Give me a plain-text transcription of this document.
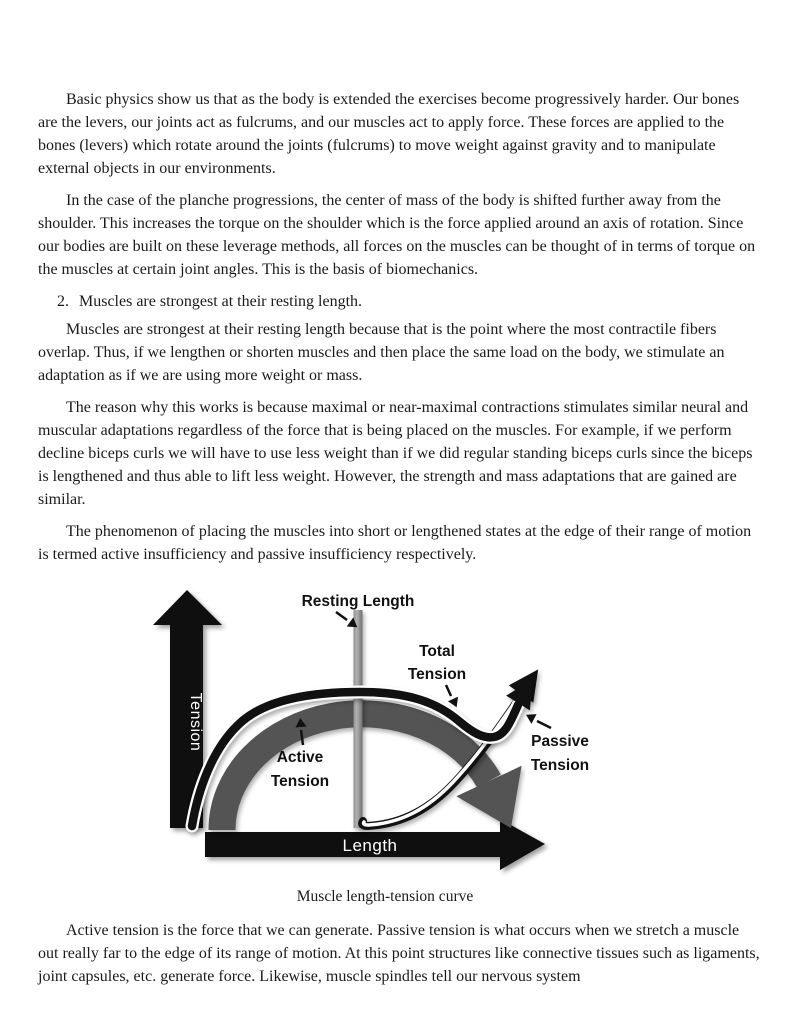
Basic physics show us that as the body is extended the exercises become progressively harder. Our bones are the levers, our joints act as fulcrums, and our muscles act to apply force. These forces are applied to the bones (levers) which rotate around the joints (fulcrums) to move weight against gravity and to manipulate external objects in our environments.

In the case of the planche progressions, the center of mass of the body is shifted further away from the shoulder. This increases the torque on the shoulder which is the force applied around an axis of rotation. Since our bodies are built on these leverage methods, all forces on the muscles can be thought of in terms of torque on the muscles at certain joint angles. This is the basis of biomechanics.

2. Muscles are strongest at their resting length.

Muscles are strongest at their resting length because that is the point where the most contractile fibers overlap. Thus, if we lengthen or shorten muscles and then place the same load on the body, we stimulate an adaptation as if we are using more weight or mass.

The reason why this works is because maximal or near-maximal contractions stimulates similar neural and muscular adaptations regardless of the force that is being placed on the muscles. For example, if we perform decline biceps curls we will have to use less weight than if we did regular standing biceps curls since the biceps is lengthened and thus able to lift less weight. However, the strength and mass adaptations that are gained are similar.

The phenomenon of placing the muscles into short or lengthened states at the edge of their range of motion is termed active insufficiency and passive insufficiency respectively.

Resting Length
Total
Tension
Active
Tension
Passive
Tension
Tension
Length
Muscle length-tension curve

Active tension is the force that we can generate. Passive tension is what occurs when we stretch a muscle out really far to the edge of its range of motion. At this point structures like connective tissues such as ligaments, joint capsules, etc. generate force. Likewise, muscle spindles tell our nervous system
